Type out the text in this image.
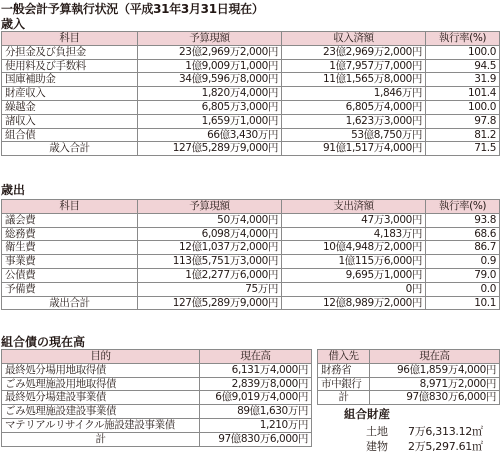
一般会計予算執行状況（平成31年3月31日現在）
歳入
科目	予算現額	収入済額	執行率(%)
分担金及び負担金	23億2,969万2,000円	23億2,969万2,000円	100.0
使用料及び手数料	1億9,009万1,000円	1億7,957万7,000円	94.5
国庫補助金	34億9,596万8,000円	11億1,565万8,000円	31.9
財産収入	1,820万4,000円	1,846万円	101.4
繰越金	6,805万3,000円	6,805万4,000円	100.0
諸収入	1,659万1,000円	1,623万3,000円	97.8
組合債	66億3,430万円	53億8,750万円	81.2
歳入合計	127億5,289万9,000円	91億1,517万4,000円	71.5
歳出
科目	予算現額	支出済額	執行率(%)
議会費	50万4,000円	47万3,000円	93.8
総務費	6,098万4,000円	4,183万円	68.6
衛生費	12億1,037万2,000円	10億4,948万2,000円	86.7
事業費	113億5,751万3,000円	1億115万6,000円	0.9
公債費	1億2,277万6,000円	9,695万1,000円	79.0
予備費	75万円	0円	0.0
歳出合計	127億5,289万9,000円	12億8,989万2,000円	10.1
組合債の現在高
目的	現在高
最終処分場用地取得債	6,131万4,000円
ごみ処理施設用地取得債	2,839万8,000円
最終処分場建設事業債	6億9,019万4,000円
ごみ処理施設建設事業債	89億1,630万円
マテリアルリサイクル施設建設事業債	1,210万円
計	97億830万6,000円
借入先	現在高
財務省	96億1,859万4,000円
市中銀行	8,971万2,000円
計	97億830万6,000円
組合財産
土地 7万6,313.12㎡
建物 2万5,297.61㎡
